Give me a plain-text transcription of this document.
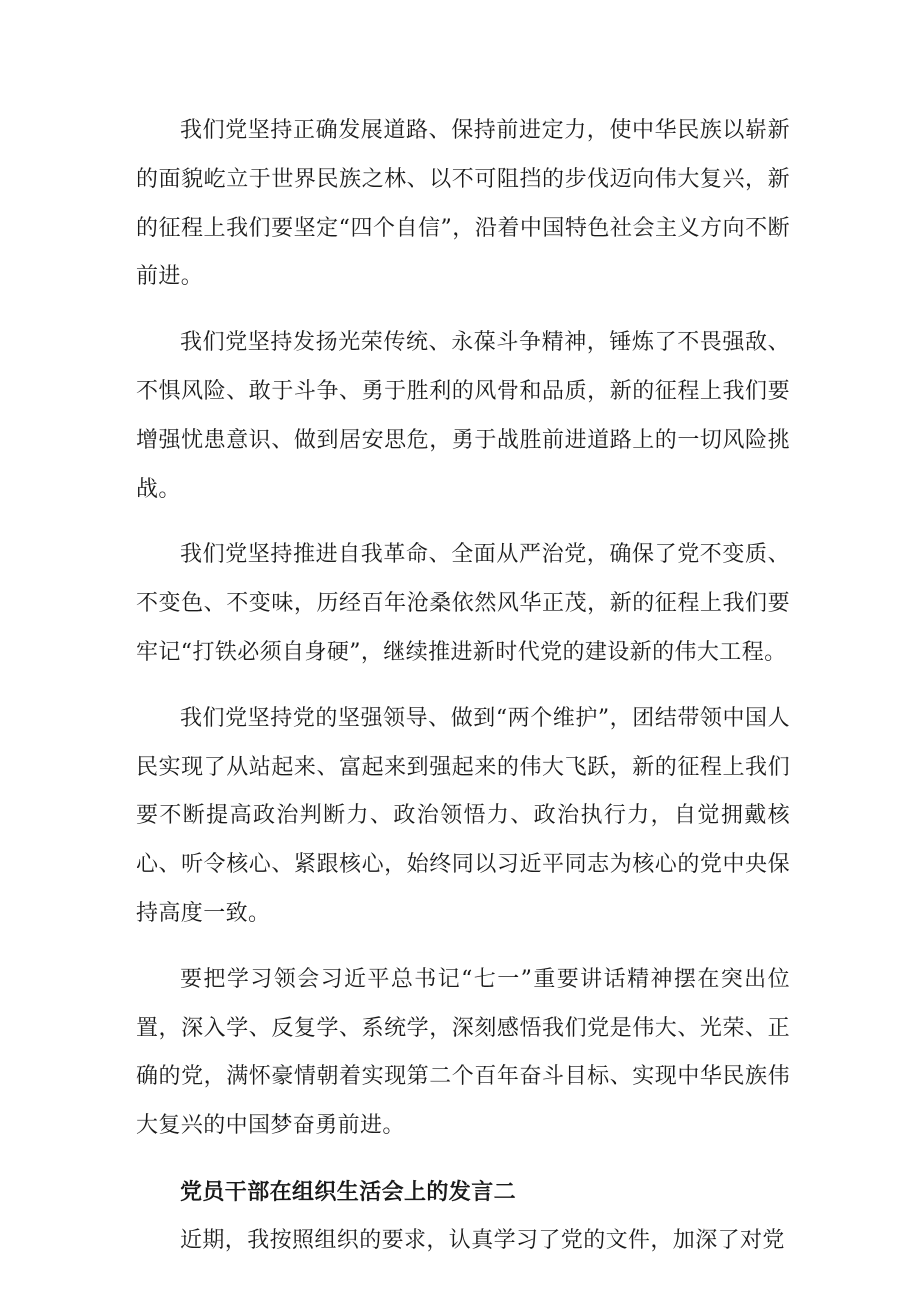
我们党坚持正确发展道路、保持前进定力，使中华民族以崭新的面貌屹立于世界民族之林、以不可阻挡的步伐迈向伟大复兴，新的征程上我们要坚定“四个自信”，沿着中国特色社会主义方向不断前进。

我们党坚持发扬光荣传统、永葆斗争精神，锤炼了不畏强敌、不惧风险、敢于斗争、勇于胜利的风骨和品质，新的征程上我们要增强忧患意识、做到居安思危，勇于战胜前进道路上的一切风险挑战。

我们党坚持推进自我革命、全面从严治党，确保了党不变质、不变色、不变味，历经百年沧桑依然风华正茂，新的征程上我们要牢记“打铁必须自身硬”，继续推进新时代党的建设新的伟大工程。

我们党坚持党的坚强领导、做到“两个维护”，团结带领中国人民实现了从站起来、富起来到强起来的伟大飞跃，新的征程上我们要不断提高政治判断力、政治领悟力、政治执行力，自觉拥戴核心、听令核心、紧跟核心，始终同以习近平同志为核心的党中央保持高度一致。

要把学习领会习近平总书记“七一”重要讲话精神摆在突出位置，深入学、反复学、系统学，深刻感悟我们党是伟大、光荣、正确的党，满怀豪情朝着实现第二个百年奋斗目标、实现中华民族伟大复兴的中国梦奋勇前进。

党员干部在组织生活会上的发言二

近期，我按照组织的要求，认真学习了党的文件，加深了对党
